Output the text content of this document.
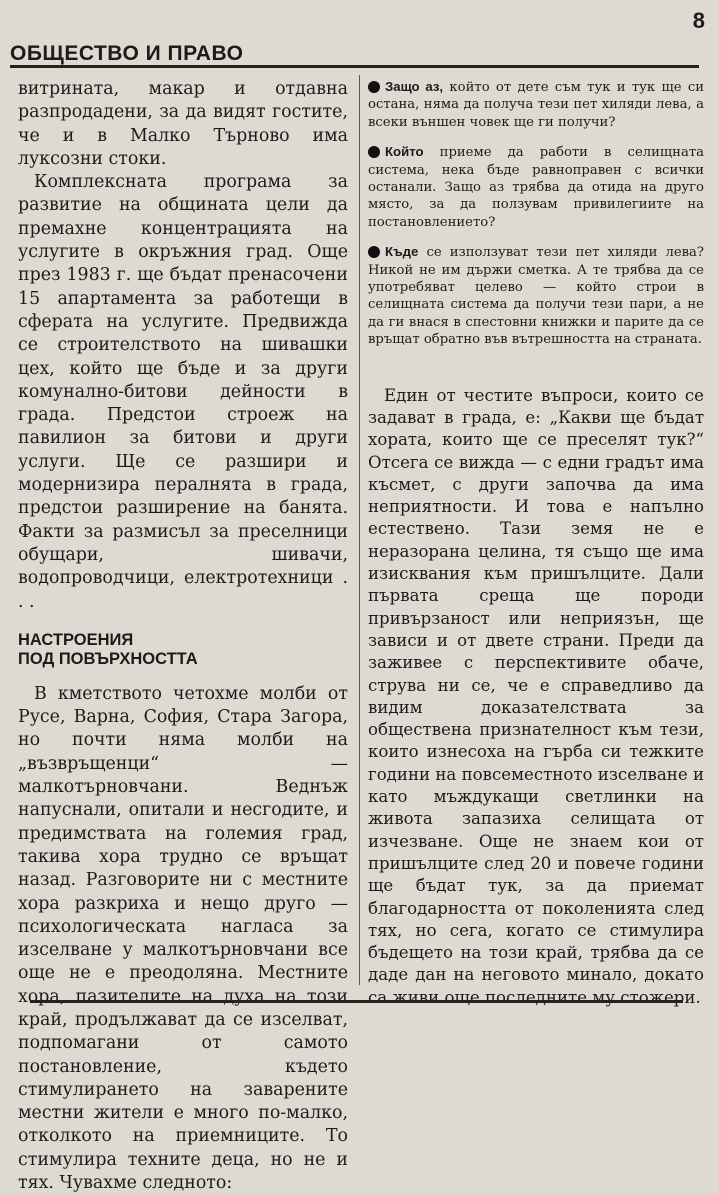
8
ОБЩЕСТВО И ПРАВО

витрината, макар и отдавна разпродадени, за да видят гостите, че и в Малко Търново има луксозни стоки.

Комплексната програма за развитие на общината цели да премахне концентрацията на услугите в окръжния град. Още през 1983 г. ще бъдат пренасочени 15 апартамента за работещи в сферата на услугите. Предвижда се строителството на шивашки цех, който ще бъде и за други комунално-битови дейности в града. Предстои строеж на павилион за битови и други услуги. Ще се разшири и модернизира пералнята в града, предстои разширение на банята. Факти за размисъл за преселници обущари, шивачи, водопроводчици, електротехници . . .

НАСТРОЕНИЯ
ПОД ПОВЪРХНОСТТА

В кметството четохме молби от Русе, Варна, София, Стара Загора, но почти няма молби на „възвръщенци“ — малкотърновчани. Веднъж напуснали, опитали и несгодите, и предимствата на големия град, такива хора трудно се връщат назад. Разговорите ни с местните хора разкриха и нещо друго — психологическата нагласа за изселване у малкотърновчани все още не е преодоляна. Местните хора, пазителите на духа на този край, продължават да се изселват, подпомагани от самото постановление, където стимулирането на заварените местни жители е много по-малко, отколкото на приемниците. То стимулира техните деца, но не и тях. Чувахме следното:

Защо аз, който от дете съм тук и тук ще си остана, няма да получа тези пет хиляди лева, а всеки външен човек ще ги получи?

Който приеме да работи в селищната система, нека бъде равноправен с всички останали. Защо аз трябва да отида на друго място, за да ползувам привилегиите на постановлението?

Къде се използуват тези пет хиляди лева? Никой не им държи сметка. А те трябва да се употребяват целево — който строи в селищната система да получи тези пари, а не да ги внася в спестовни книжки и парите да се връщат обратно във вътрешността на страната.

Един от честите въпроси, които се задават в града, е: „Какви ще бъдат хората, които ще се преселят тук?“ Отсега се вижда — с едни градът има късмет, с други започва да има неприятности. И това е напълно естествено. Тази земя не е неразорана целина, тя също ще има изисквания към пришълците. Дали първата среща ще породи привързаност или неприязън, ще зависи и от двете страни. Преди да заживее с перспективите обаче, струва ни се, че е справедливо да видим доказателствата за обществена признателност към тези, които изнесоха на гърба си тежките години на повсеместното изселване и като мъждукащи светлинки на живота запазиха селищата от изчезване. Още не знаем кои от пришълците след 20 и повече години ще бъдат тук, за да приемат благодарността от поколенията след тях, но сега, когато се стимулира бъдещето на този край, трябва да се даде дан на неговото минало, докато са живи още последните му стожери.
